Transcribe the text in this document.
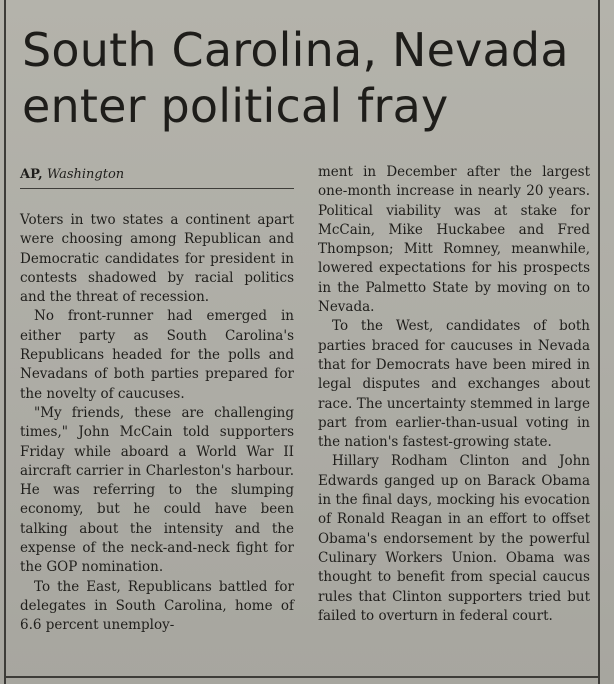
South Carolina, Nevada enter political fray
AP, Washington

Voters in two states a continent apart were choosing among Republican and Democratic candidates for president in contests shadowed by racial politics and the threat of recession.

No front-runner had emerged in either party as South Carolina's Republicans headed for the polls and Nevadans of both parties prepared for the novelty of caucuses.

"My friends, these are challenging times," John McCain told supporters Friday while aboard a World War II aircraft carrier in Charleston's harbour. He was referring to the slumping economy, but he could have been talking about the intensity and the expense of the neck-and-neck fight for the GOP nomination.

To the East, Republicans battled for delegates in South Carolina, home of 6.6 percent unemploy-

ment in December after the largest one-month increase in nearly 20 years. Political viability was at stake for McCain, Mike Huckabee and Fred Thompson; Mitt Romney, meanwhile, lowered expectations for his prospects in the Palmetto State by moving on to Nevada.

To the West, candidates of both parties braced for caucuses in Nevada that for Democrats have been mired in legal disputes and exchanges about race. The uncertainty stemmed in large part from earlier-than-usual voting in the nation's fastest-growing state.

Hillary Rodham Clinton and John Edwards ganged up on Barack Obama in the final days, mocking his evocation of Ronald Reagan in an effort to offset Obama's endorsement by the powerful Culinary Workers Union. Obama was thought to benefit from special caucus rules that Clinton supporters tried but failed to overturn in federal court.
